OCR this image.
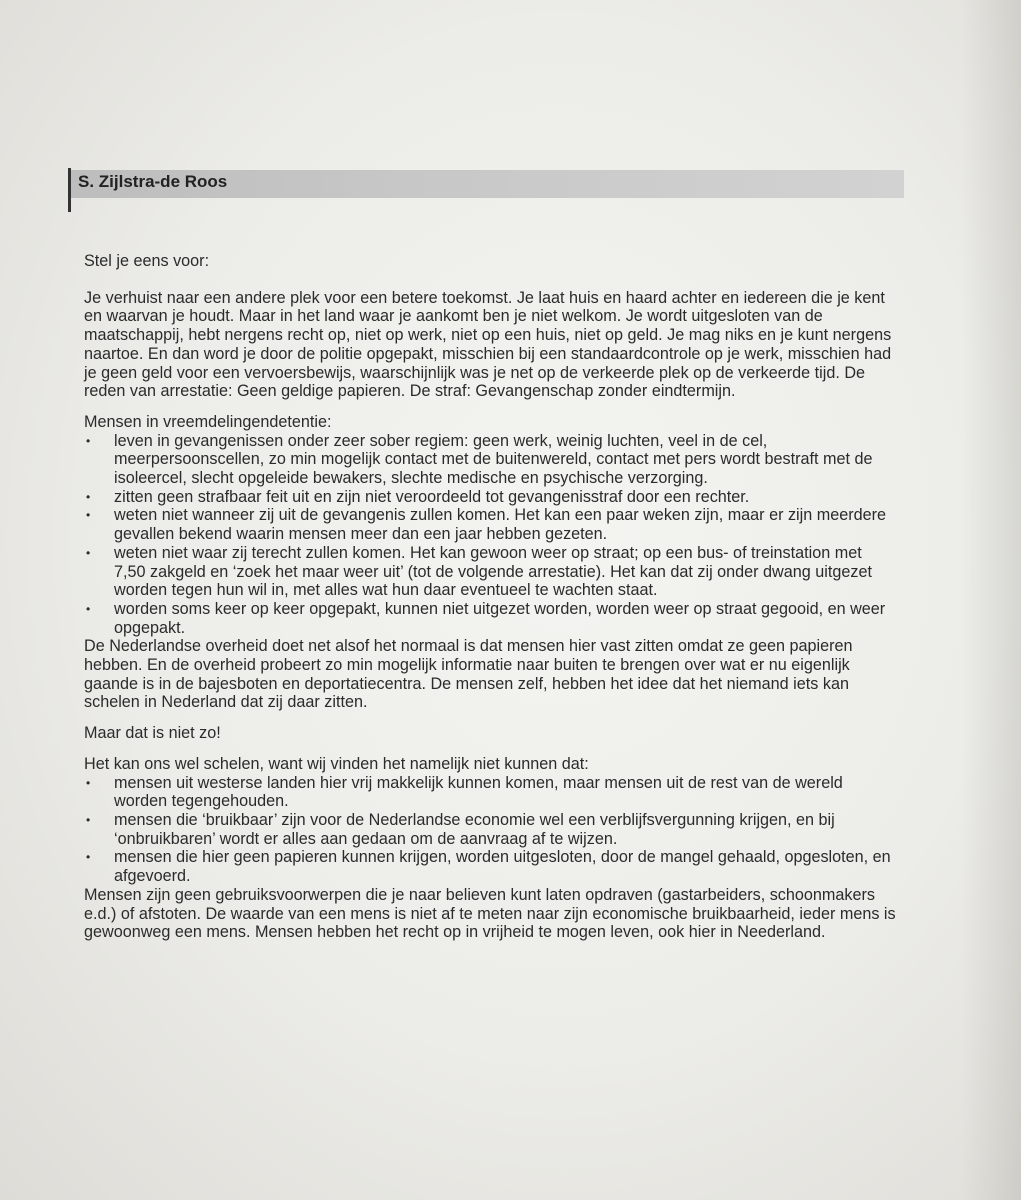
S. Zijlstra-de Roos

Stel je eens voor:

Je verhuist naar een andere plek voor een betere toekomst. Je laat huis en haard achter en iedereen die je kent en waarvan je houdt. Maar in het land waar je aankomt ben je niet welkom. Je wordt uitgesloten van de maatschappij, hebt nergens recht op, niet op werk, niet op een huis, niet op geld. Je mag niks en je kunt nergens naartoe. En dan word je door de politie opgepakt, misschien bij een standaardcontrole op je werk, misschien had je geen geld voor een vervoersbewijs, waarschijnlijk was je net op de verkeerde plek op de verkeerde tijd. De reden van arrestatie: Geen geldige papieren. De straf: Gevangenschap zonder eindtermijn.

Mensen in vreemdelingendetentie:

• leven in gevangenissen onder zeer sober regiem: geen werk, weinig luchten, veel in de cel, meerpersoonscellen, zo min mogelijk contact met de buitenwereld, contact met pers wordt bestraft met de isoleercel, slecht opgeleide bewakers, slechte medische en psychische verzorging.
• zitten geen strafbaar feit uit en zijn niet veroordeeld tot gevangenisstraf door een rechter.
• weten niet wanneer zij uit de gevangenis zullen komen. Het kan een paar weken zijn, maar er zijn meerdere gevallen bekend waarin mensen meer dan een jaar hebben gezeten.
• weten niet waar zij terecht zullen komen. Het kan gewoon weer op straat; op een bus- of treinstation met 7,50 zakgeld en ‘zoek het maar weer uit’ (tot de volgende arrestatie). Het kan dat zij onder dwang uitgezet worden tegen hun wil in, met alles wat hun daar eventueel te wachten staat.
• worden soms keer op keer opgepakt, kunnen niet uitgezet worden, worden weer op straat gegooid, en weer opgepakt.

De Nederlandse overheid doet net alsof het normaal is dat mensen hier vast zitten omdat ze geen papieren hebben. En de overheid probeert zo min mogelijk informatie naar buiten te brengen over wat er nu eigenlijk gaande is in de bajesboten en deportatiecentra. De mensen zelf, hebben het idee dat het niemand iets kan schelen in Nederland dat zij daar zitten.

Maar dat is niet zo!

Het kan ons wel schelen, want wij vinden het namelijk niet kunnen dat:

• mensen uit westerse landen hier vrij makkelijk kunnen komen, maar mensen uit de rest van de wereld worden tegengehouden.
• mensen die ‘bruikbaar’ zijn voor de Nederlandse economie wel een verblijfsvergunning krijgen, en bij ‘onbruikbaren’ wordt er alles aan gedaan om de aanvraag af te wijzen.
• mensen die hier geen papieren kunnen krijgen, worden uitgesloten, door de mangel gehaald, opgesloten, en afgevoerd.

Mensen zijn geen gebruiksvoorwerpen die je naar believen kunt laten opdraven (gastarbeiders, schoonmakers e.d.) of afstoten. De waarde van een mens is niet af te meten naar zijn economische bruikbaarheid, ieder mens is gewoonweg een mens. Mensen hebben het recht op in vrijheid te mogen leven, ook hier in Neederland.
